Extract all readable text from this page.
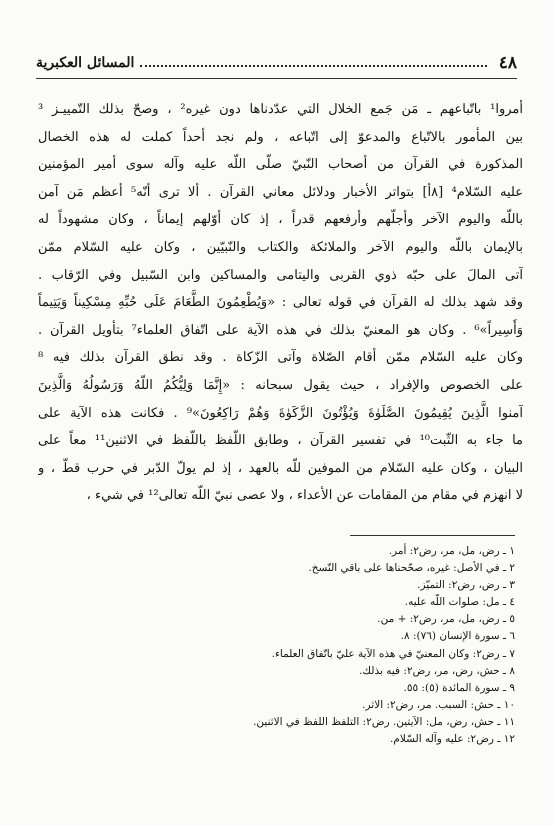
٤٨
المسائل العكبرية
أمروا¹ باتّباعهم ـ مَن جَمع الخلال التي عدّدناها دون غيره² ، وصحّ بذلك التّمييـز ³
بين المأمور بالاتّباع والمدعوّ إلى اتّباعه ، ولم نجد أحداً كملت له هذه الخصال
المذكورة في القرآن من أصحاب النّبيّ صلّى اللّه عليه وآله سوى أمير المؤمنين
عليه السّلام⁴ [٨أ] بتواتر الأخبار ودلائل معاني القرآن . ألا ترى أنّه⁵ أعظم مَن آمن
باللّه واليوم الآخر وأجلّهم وأرفعهم قدراً ، إذ كان أوّلهم إيماناً ، وكان مشهوداً له
بالإيمان باللّه واليوم الآخر والملائكة والكتاب والنّبيّين ، وكان عليه السّلام ممّن
آتى المالَ على حبّه ذوي القربى واليتامى والمساكين وابن السّبيل وفي الرّقاب .
وقد شهد بذلك له القرآن في قوله تعالى : «وَيُطْعِمُونَ الطَّعَامَ عَلَى حُبِّهِ مِسْكِيناً وَيَتِيماً
وَأَسِيراً»⁶ . وكان هو المعنيّ بذلك في هذه الآية على اتّفاق العلماء⁷ بتأويل القرآن .
وكان عليه السّلام ممّن أقام الصّلاة وآتى الزّكاة . وقد نطق القرآن بذلك فيه ⁸
على الخصوص والإفراد ، حيث يقول سبحانه : «إِنَّمَا وَلِيُّكُمُ اللّهُ وَرَسُولُهُ وَالَّذِينَ
آمنوا الَّذِينَ يُقِيمُونَ الصَّلَوٰةَ وَيُؤْتُونَ الزَّكَوٰةَ وَهُمْ رَاكِعُونَ»⁹ . فكانت هذه الآية على
ما جاء به الثّبت¹⁰ في تفسير القرآن ، وطابق اللّفظ باللّفظ في الاثنين¹¹ معاً على
البيان ، وكان عليه السّلام من الموفين للّه بالعهد ، إذ لم يولّ الدّبر في حرب قطّ ، و
لا انهزم في مقام من المقامات عن الأعداء ، ولا عصى نبيّ اللّه تعالى¹² في شيء ،
١ ـ رض، مل، مر، رض٢: أمر.
٢ ـ في الأصل: غيره، صحّحناها على باقي النّسخ.
٣ ـ رض، رض٢: التميّز.
٤ ـ مل: صلوات اللّه عليه.
٥ ـ رض، مل، مر، رض٢: + من.
٦ ـ سورة الإنسان (٧٦): ٨.
٧ ـ رض٢: وكان المعنيّ في هذه الآية عليّ باتّفاق العلماء.
٨ ـ حش، رض، مر، رض٢: فيه بذلك.
٩ ـ سورة المائدة (٥): ٥٥.
١٠ ـ حش: السبب. مر، رض٢: الاثر.
١١ ـ حش، رض، مل: الآيتين. رض٢: التلفظ اللفظ في الاثنين.
١٢ ـ رض٢: عليه وآله السّلام.
